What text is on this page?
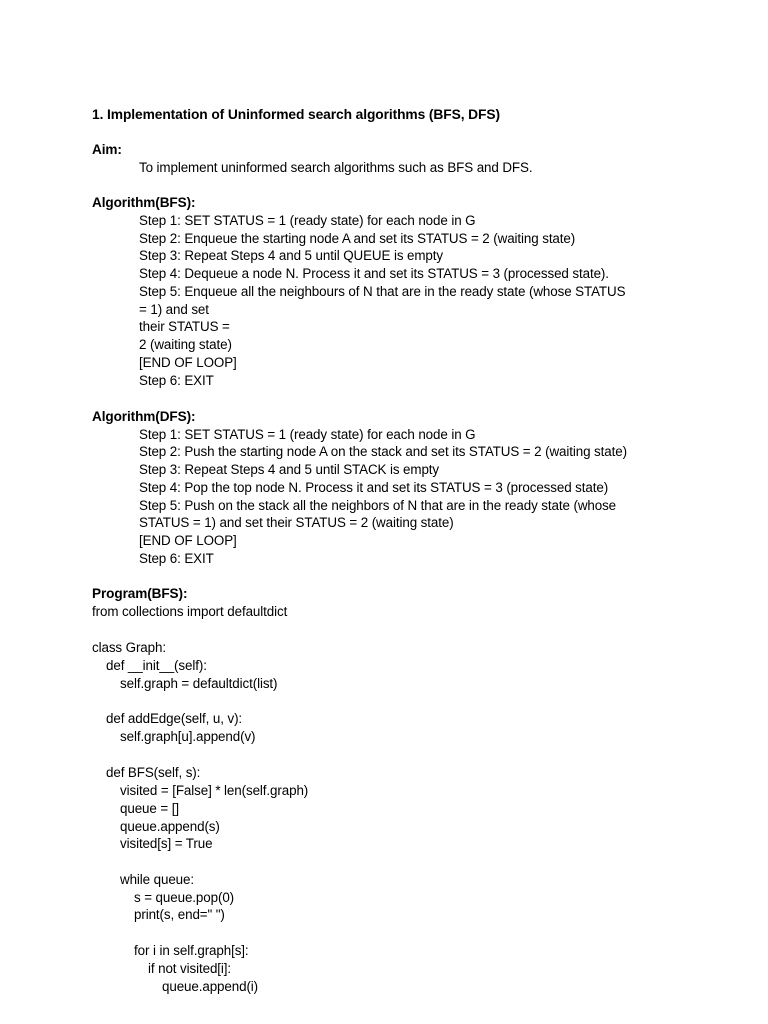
1. Implementation of Uninformed search algorithms (BFS, DFS)
Aim:
To implement uninformed search algorithms such as BFS and DFS.
Algorithm(BFS):
Step 1: SET STATUS = 1 (ready state) for each node in G
Step 2: Enqueue the starting node A and set its STATUS = 2 (waiting state)
Step 3: Repeat Steps 4 and 5 until QUEUE is empty
Step 4: Dequeue a node N. Process it and set its STATUS = 3 (processed state).
Step 5: Enqueue all the neighbours of N that are in the ready state (whose STATUS
= 1) and set
their STATUS =
2 (waiting state)
[END OF LOOP]
Step 6: EXIT
Algorithm(DFS):
Step 1: SET STATUS = 1 (ready state) for each node in G
Step 2: Push the starting node A on the stack and set its STATUS = 2 (waiting state)
Step 3: Repeat Steps 4 and 5 until STACK is empty
Step 4: Pop the top node N. Process it and set its STATUS = 3 (processed state)
Step 5: Push on the stack all the neighbors of N that are in the ready state (whose
STATUS = 1) and set their STATUS = 2 (waiting state)
[END OF LOOP]
Step 6: EXIT
Program(BFS):
from collections import defaultdict
class Graph:
def __init__(self):
self.graph = defaultdict(list)
def addEdge(self, u, v):
self.graph[u].append(v)
def BFS(self, s):
visited = [False] * len(self.graph)
queue = []
queue.append(s)
visited[s] = True
while queue:
s = queue.pop(0)
print(s, end=" ")
for i in self.graph[s]:
if not visited[i]:
queue.append(i)
